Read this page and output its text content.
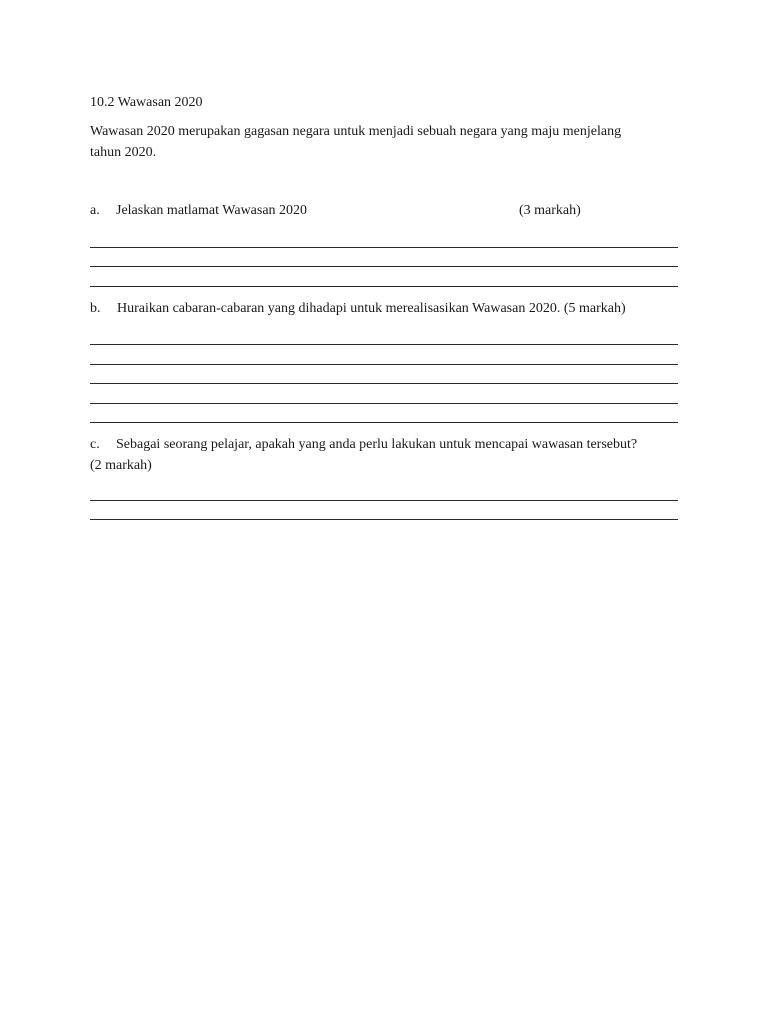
10.2 Wawasan 2020
Wawasan 2020 merupakan gagasan negara untuk menjadi sebuah negara yang maju menjelang
tahun 2020.
a. Jelaskan matlamat Wawasan 2020	(3 markah)
b. Huraikan cabaran-cabaran yang dihadapi untuk merealisasikan Wawasan 2020. (5 markah)
c. Sebagai seorang pelajar, apakah yang anda perlu lakukan untuk mencapai wawasan tersebut?
(2 markah)
